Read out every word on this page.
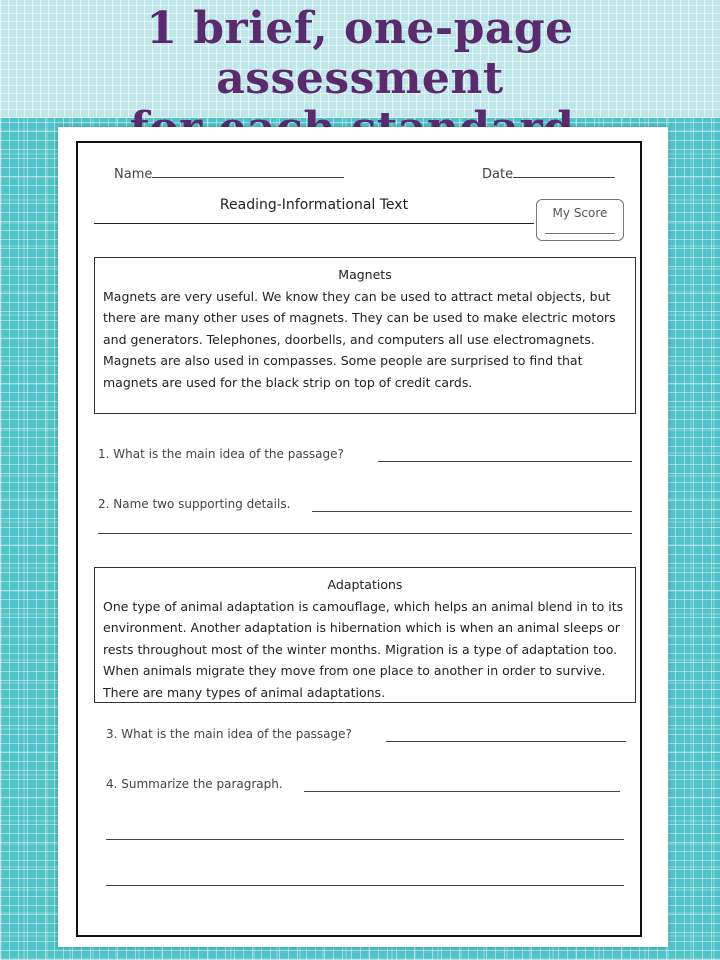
1 brief, one-page assessment
Name	Date
Reading-Informational Text	My Score
Magnets
Magnets are very useful. We know they can be used to attract metal objects, but there are many other uses of magnets. They can be used to make electric motors and generators. Telephones, doorbells, and computers all use electromagnets. Magnets are also used in compasses. Some people are surprised to find that magnets are used for the black strip on top of credit cards.
1. What is the main idea of the passage?
2. Name two supporting details.
Adaptations
One type of animal adaptation is camouflage, which helps an animal blend in to its environment. Another adaptation is hibernation which is when an animal sleeps or rests throughout most of the winter months. Migration is a type of adaptation too. When animals migrate they move from one place to another in order to survive. There are many types of animal adaptations.
3. What is the main idea of the passage?
4. Summarize the paragraph.
